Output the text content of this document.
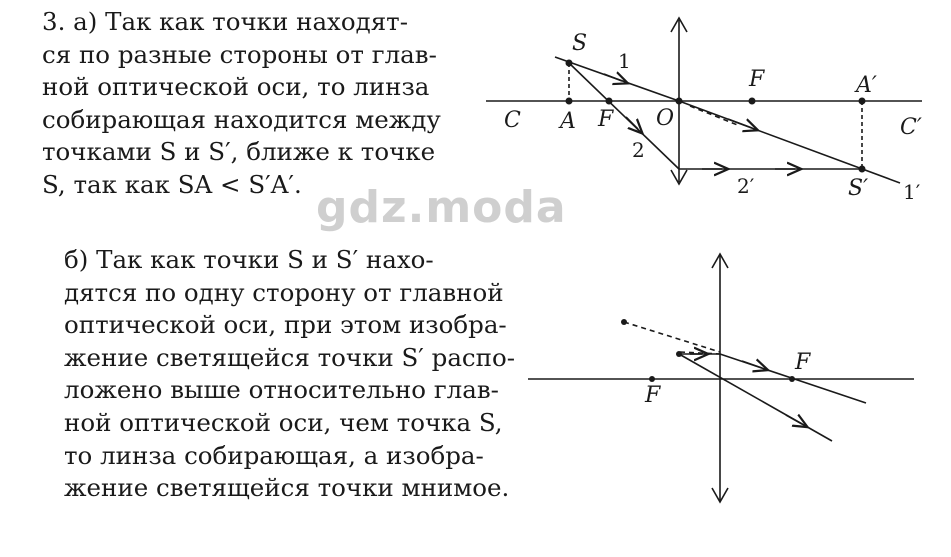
3. а) Так как точки находят-
ся по разные стороны от глав-
ной оптической оси, то линза
собирающая находится между
точками S и S′, ближе к точке
S, так как SA < S′A′.
б) Так как точки S и S′ нахо-
дятся по одну сторону от главной
оптической оси, при этом изобра-
жение светящейся точки S′ распо-
ложено выше относительно глав-
ной оптической оси, чем точка S,
то линза собирающая, а изобра-
жение светящейся точки мнимое.
gdz.moda
S
1
F	A′
C A F O	C′
2
2′	S′ 1′
F
F
